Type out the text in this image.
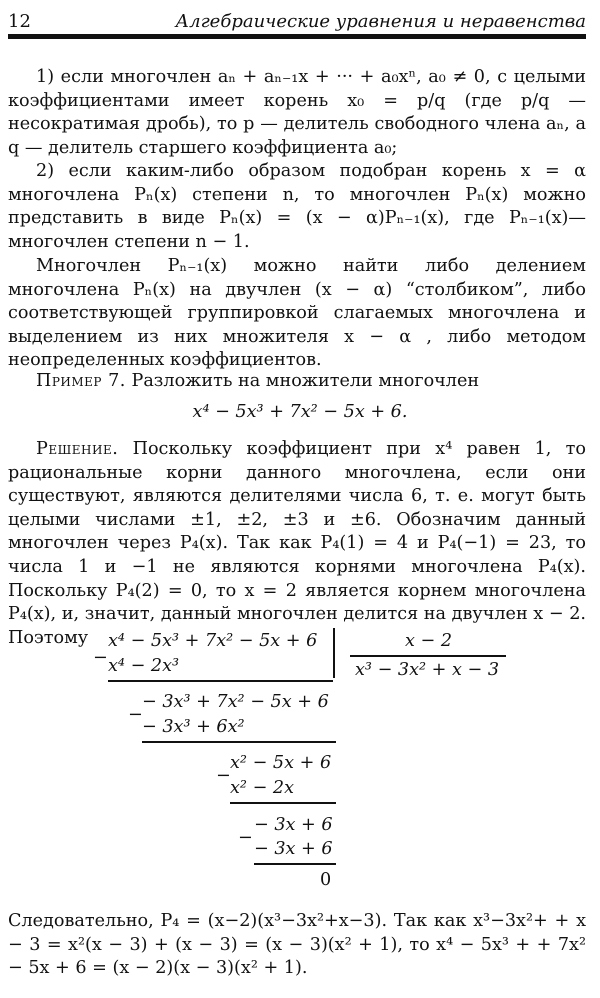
12	Алгебраические уравнения и неравенства

1) если многочлен aₙ + aₙ₋₁x + ··· + a₀xⁿ, a₀ ≠ 0, с целыми коэффициентами имеет корень x₀ = p/q (где p/q — несократимая дробь), то p — делитель свободного члена aₙ, а q — делитель старшего коэффициента a₀;

2) если каким-либо образом подобран корень x = α многочлена Pₙ(x) степени n, то многочлен Pₙ(x) можно представить в виде Pₙ(x) = (x − α)Pₙ₋₁(x), где Pₙ₋₁(x)— многочлен степени n − 1.

Многочлен Pₙ₋₁(x) можно найти либо делением многочлена Pₙ(x) на двучлен (x − α) “столбиком”, либо соответствующей группировкой слагаемых многочлена и выделением из них множителя x − α , либо методом неопределенных коэффициентов.

Пример 7. Разложить на множители многочлен

x⁴ − 5x³ + 7x² − 5x + 6.

Решение. Поскольку коэффициент при x⁴ равен 1, то рациональные корни данного многочлена, если они существуют, являются делителями числа 6, т. е. могут быть целыми числами ±1, ±2, ±3 и ±6. Обозначим данный многочлен через P₄(x). Так как P₄(1) = 4 и P₄(−1) = 23, то числа 1 и −1 не являются корнями многочлена P₄(x). Поскольку P₄(2) = 0, то x = 2 является корнем многочлена P₄(x), и, значит, данный многочлен делится на двучлен x − 2. Поэтому

−
x⁴ − 5x³ + 7x² − 5x + 6	x − 2
x³ − 3x² + x − 3
x⁴ − 2x³
−
− 3x³ + 7x² − 5x + 6
− 3x³ + 6x²
−
x² − 5x + 6
x² − 2x
−
− 3x + 6
− 3x + 6
0

Следовательно, P₄ = (x−2)(x³−3x²+x−3). Так как x³−3x²+ + x − 3 = x²(x − 3) + (x − 3) = (x − 3)(x² + 1), то x⁴ − 5x³ + + 7x² − 5x + 6 = (x − 2)(x − 3)(x² + 1).
